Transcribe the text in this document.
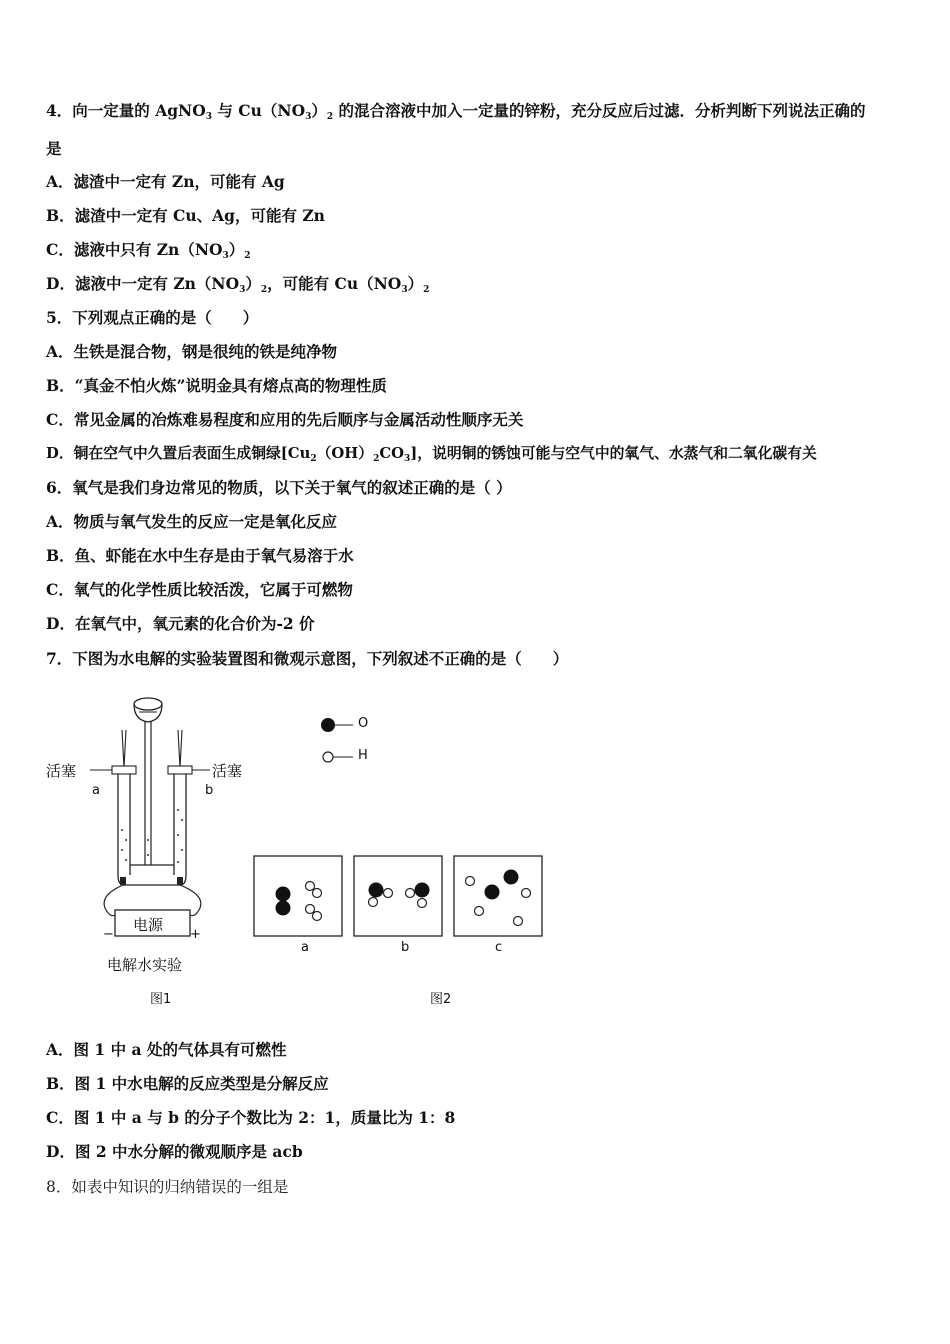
4．向一定量的 AgNO$_3$ 与 $Cu(NO_3)_2$ 的混合溶液中加入一定量的锌粉，充分反应后过滤．分析判断下列说法正确的
是
A．滤渣中一定有 Zn，可能有 Ag
B．滤渣中一定有 Cu、Ag，可能有 Zn
C．滤液中只有 $Zn(NO_3)_2$
D．滤液中一定有 $Zn(NO_3)_2$，可能有 $Cu(NO_3)_2$
5．下列观点正确的是（　　）
A．生铁是混合物，钢是很纯的铁是纯净物
B．“真金不怕火炼”说明金具有熔点高的物理性质
C．常见金属的冶炼难易程度和应用的先后顺序与金属活动性顺序无关
D．铜在空气中久置后表面生成铜绿$[Cu_2(OH)_2CO_3]$，说明铜的锈蚀可能与空气中的氧气、水蒸气和二氧化碳有关
6．氧气是我们身边常见的物质，以下关于氧气的叙述正确的是（ ）
A．物质与氧气发生的反应一定是氧化反应
B．鱼、虾能在水中生存是由于氧气易溶于水
C．氧气的化学性质比较活泼，它属于可燃物
D．在氧气中，氧元素的化合价为-2 价
7．下图为水电解的实验装置图和微观示意图，下列叙述不正确的是（　　）
活塞	活塞
a	b
电源
−	+
电解水实验
图1
O
H
a	b	c
图2
A．图 1 中 a 处的气体具有可燃性
B．图 1 中水电解的反应类型是分解反应
C．图 1 中 a 与 b 的分子个数比为 2：1，质量比为 1：8
D．图 2 中水分解的微观顺序是 acb
8．如表中知识的归纳错误的一组是
